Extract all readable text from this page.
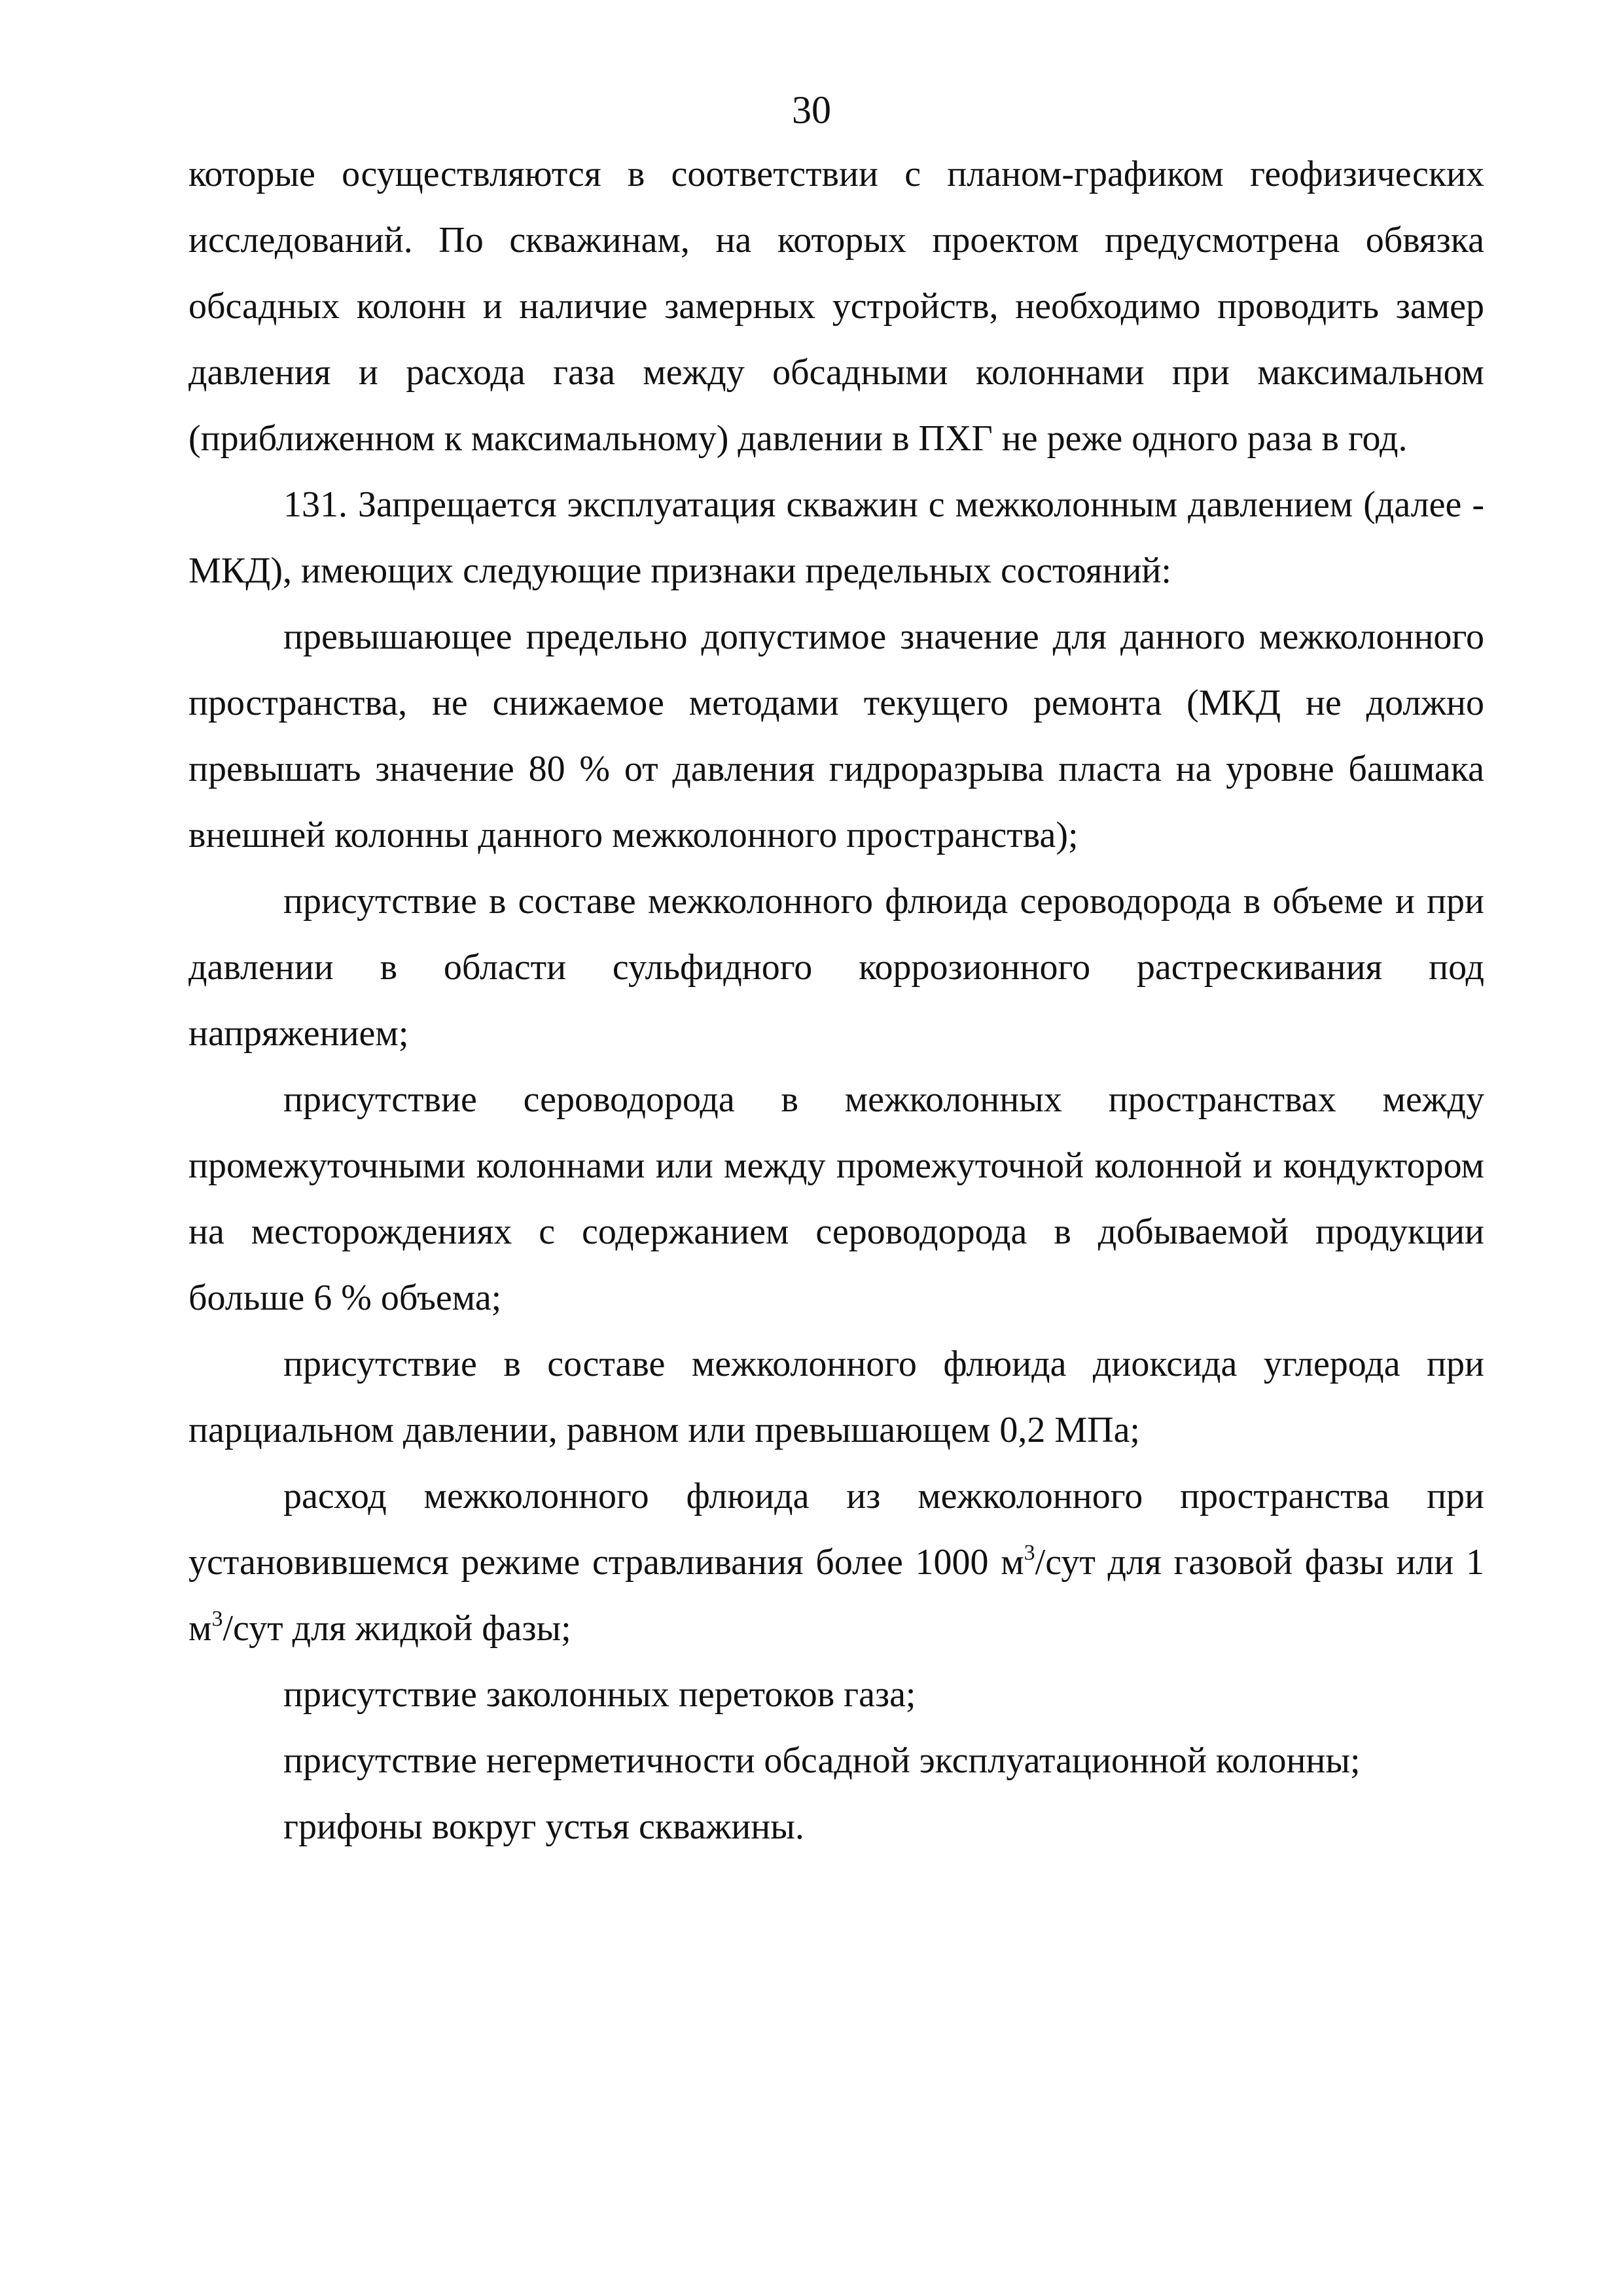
30

которые осуществляются в соответствии с планом-графиком геофизических исследований. По скважинам, на которых проектом предусмотрена обвязка обсадных колонн и наличие замерных устройств, необходимо проводить замер давления и расхода газа между обсадными колоннами при максимальном (приближенном к максимальному) давлении в ПХГ не реже одного раза в год.

131. Запрещается эксплуатация скважин с межколонным давлением (далее - МКД), имеющих следующие признаки предельных состояний:

превышающее предельно допустимое значение для данного межколонного пространства, не снижаемое методами текущего ремонта (МКД не должно превышать значение 80 % от давления гидроразрыва пласта на уровне башмака внешней колонны данного межколонного пространства);

присутствие в составе межколонного флюида сероводорода в объеме и при давлении в области сульфидного коррозионного растрескивания под напряжением;

присутствие сероводорода в межколонных пространствах между промежуточными колоннами или между промежуточной колонной и кондуктором на месторождениях с содержанием сероводорода в добываемой продукции больше 6 % объема;

присутствие в составе межколонного флюида диоксида углерода при парциальном давлении, равном или превышающем 0,2 МПа;

расход межколонного флюида из межколонного пространства при установившемся режиме стравливания более 1000 $м^3$/сут для газовой фазы или 1 $м^3$/сут для жидкой фазы;

присутствие заколонных перетоков газа;

присутствие негерметичности обсадной эксплуатационной колонны;

грифоны вокруг устья скважины.
